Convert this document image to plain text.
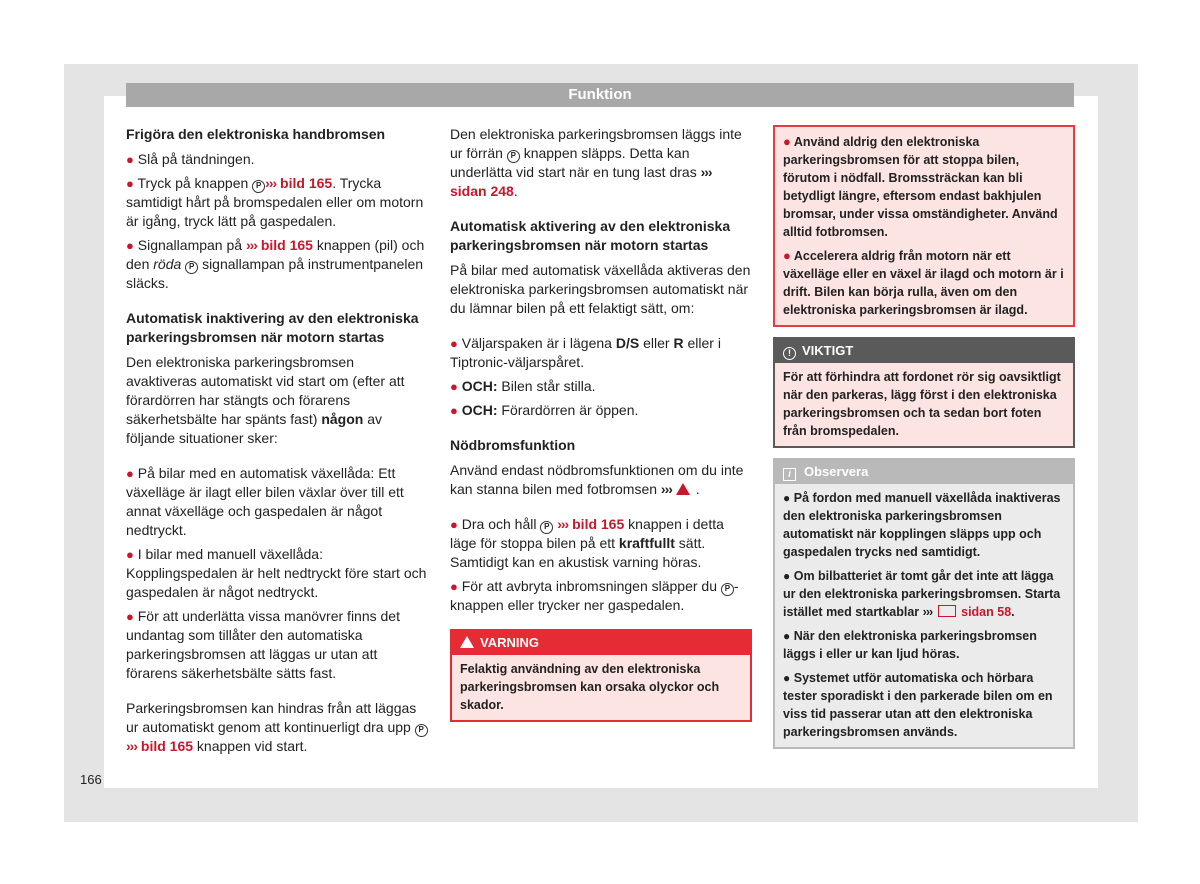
Funktion
Frigöra den elektroniska handbromsen

● Slå på tändningen.

● Tryck på knappen P ››› bild 165. Trycka samtidigt hårt på bromspedalen eller om motorn är igång, tryck lätt på gaspedalen.

● Signallampan på ››› bild 165 knappen (pil) och den röda P signallampan på instrumentpanelen släcks.

Automatisk inaktivering av den elektroniska parkeringsbromsen när motorn startas

Den elektroniska parkeringsbromsen avaktiveras automatiskt vid start om (efter att förardörren har stängts och förarens säkerhetsbälte har spänts fast) någon av följande situationer sker:

● På bilar med en automatisk växellåda: Ett växelläge är ilagt eller bilen växlar över till ett annat växelläge och gaspedalen är något nedtryckt.

● I bilar med manuell växellåda: Kopplingspedalen är helt nedtryckt före start och gaspedalen är något nedtryckt.

● För att underlätta vissa manövrer finns det undantag som tillåter den automatiska parkeringsbromsen att läggas ur utan att förarens säkerhetsbälte sätts fast.

Parkeringsbromsen kan hindras från att läggas ur automatiskt genom att kontinuerligt dra upp P ››› bild 165 knappen vid start.

Den elektroniska parkeringsbromsen läggs inte ur förrän P knappen släpps. Detta kan underlätta vid start när en tung last dras ››› sidan 248.

Automatisk aktivering av den elektroniska parkeringsbromsen när motorn startas

På bilar med automatisk växellåda aktiveras den elektroniska parkeringsbromsen automatiskt när du lämnar bilen på ett felaktigt sätt, om:

● Väljarspaken är i lägena D/S eller R eller i Tiptronic-väljarspåret.

● OCH: Bilen står stilla.

● OCH: Förardörren är öppen.

Nödbromsfunktion

Använd endast nödbromsfunktionen om du inte kan stanna bilen med fotbromsen ››› .

● Dra och håll P ››› bild 165 knappen i detta läge för stoppa bilen på ett kraftfullt sätt. Samtidigt kan en akustisk varning höras.

● För att avbryta inbromsningen släpper du P -knappen eller trycker ner gaspedalen.

VARNING
Felaktig användning av den elektroniska parkeringsbromsen kan orsaka olyckor och skador.

● Använd aldrig den elektroniska parkeringsbromsen för att stoppa bilen, förutom i nödfall. Bromssträckan kan bli betydligt längre, eftersom endast bakhjulen bromsar, under vissa omständigheter. Använd alltid fotbromsen.

● Accelerera aldrig från motorn när ett växelläge eller en växel är ilagd och motorn är i drift. Bilen kan börja rulla, även om den elektroniska parkeringsbromsen är ilagd.

! VIKTIGT
För att förhindra att fordonet rör sig oavsiktligt när den parkeras, lägg först i den elektroniska parkeringsbromsen och ta sedan bort foten från bromspedalen.
i Observera

● På fordon med manuell växellåda inaktiveras den elektroniska parkeringsbromsen automatiskt när kopplingen släpps upp och gaspedalen trycks ned samtidigt.

● Om bilbatteriet är tomt går det inte att lägga ur den elektroniska parkeringsbromsen. Starta istället med startkablar ››› sidan 58.

● När den elektroniska parkeringsbromsen läggs i eller ur kan ljud höras.

● Systemet utför automatiska och hörbara tester sporadiskt i den parkerade bilen om en viss tid passerar utan att den elektroniska parkeringsbromsen används.

166
